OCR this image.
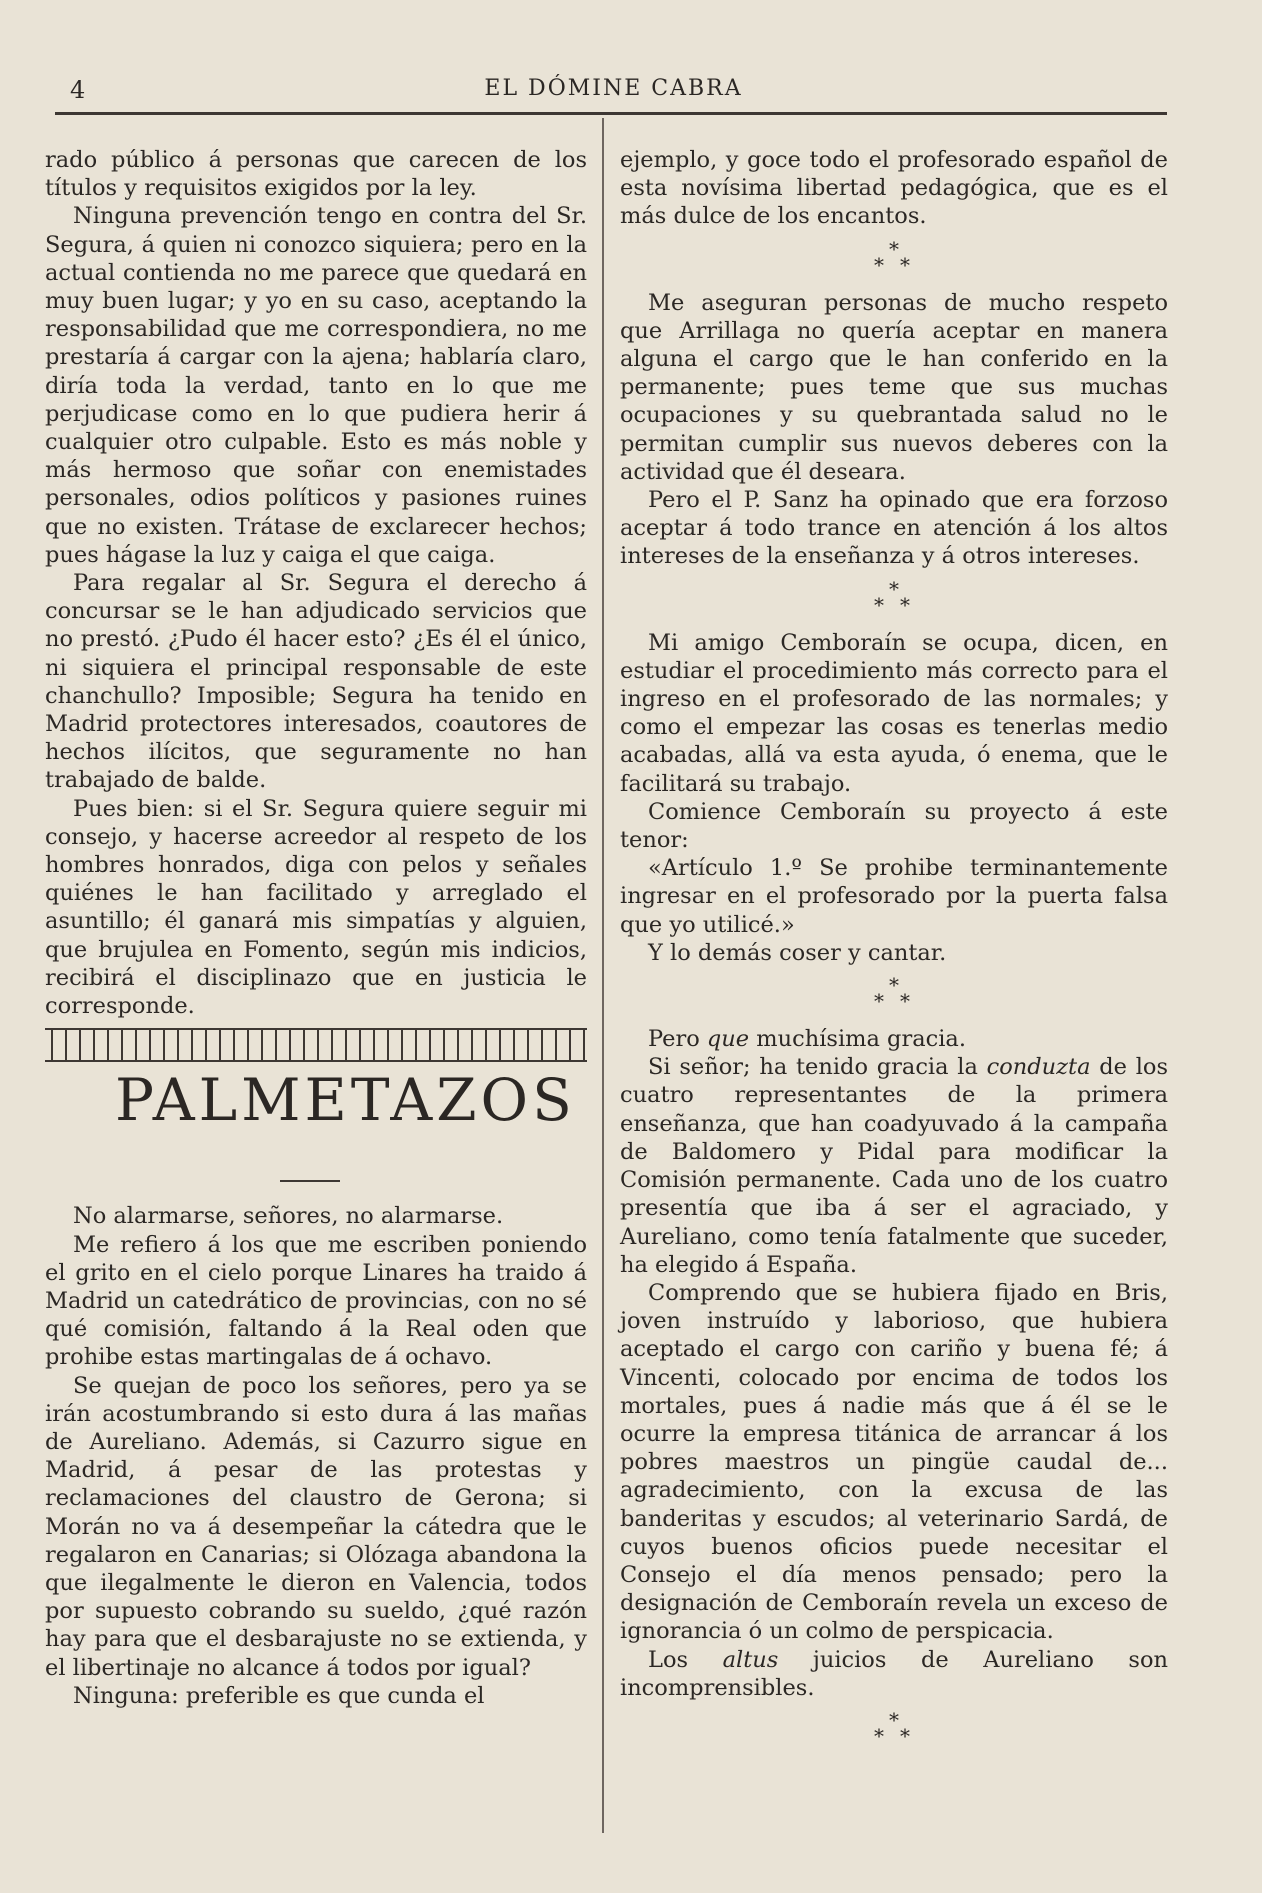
4	EL DÓMINE CABRA

rado público á personas que carecen de los títulos y requisitos exigidos por la ley.

Ninguna prevención tengo en contra del Sr. Segura, á quien ni conozco siquiera; pero en la actual contienda no me parece que quedará en muy buen lugar; y yo en su caso, aceptando la responsabilidad que me correspondiera, no me prestaría á cargar con la ajena; hablaría claro, diría toda la verdad, tanto en lo que me perjudicase como en lo que pudiera herir á cualquier otro culpable. Esto es más noble y más hermoso que soñar con enemistades personales, odios políticos y pasiones ruines que no existen. Trátase de exclarecer hechos; pues hágase la luz y caiga el que caiga.

Para regalar al Sr. Segura el derecho á concursar se le han adjudicado servicios que no prestó. ¿Pudo él hacer esto? ¿Es él el único, ni siquiera el principal responsable de este chanchullo? Imposible; Segura ha tenido en Madrid protectores interesados, coautores de hechos ilícitos, que seguramente no han trabajado de balde.

Pues bien: si el Sr. Segura quiere seguir mi consejo, y hacerse acreedor al respeto de los hombres honrados, diga con pelos y señales quiénes le han facilitado y arreglado el asuntillo; él ganará mis simpatías y alguien, que brujulea en Fomento, según mis indicios, recibirá el disciplinazo que en justicia le corresponde.

PALMETAZOS

No alarmarse, señores, no alarmarse.

Me refiero á los que me escriben poniendo el grito en el cielo porque Linares ha traido á Madrid un catedrático de provincias, con no sé qué comisión, faltando á la Real oden que prohibe estas martingalas de á ochavo.

Se quejan de poco los señores, pero ya se irán acostumbrando si esto dura á las mañas de Aureliano. Además, si Cazurro sigue en Madrid, á pesar de las protestas y reclamaciones del claustro de Gerona; si Morán no va á desempeñar la cátedra que le regalaron en Canarias; si Olózaga abandona la que ilegalmente le dieron en Valencia, todos por supuesto cobrando su sueldo, ¿qué razón hay para que el desbarajuste no se extienda, y el libertinaje no alcance á todos por igual?

Ninguna: preferible es que cunda el

ejemplo, y goce todo el profesorado español de esta novísima libertad pedagógica, que es el más dulce de los encantos.

*
* *

Me aseguran personas de mucho respeto que Arrillaga no quería aceptar en manera alguna el cargo que le han conferido en la permanente; pues teme que sus muchas ocupaciones y su quebrantada salud no le permitan cumplir sus nuevos deberes con la actividad que él deseara.

Pero el P. Sanz ha opinado que era forzoso aceptar á todo trance en atención á los altos intereses de la enseñanza y á otros intereses.

*
* *

Mi amigo Cemboraín se ocupa, dicen, en estudiar el procedimiento más correcto para el ingreso en el profesorado de las normales; y como el empezar las cosas es tenerlas medio acabadas, allá va esta ayuda, ó enema, que le facilitará su trabajo.

Comience Cemboraín su proyecto á este tenor:

«Artículo 1.º Se prohibe terminantemente ingresar en el profesorado por la puerta falsa que yo utilicé.»

Y lo demás coser y cantar.

*
* *

Pero que muchísima gracia.

Si señor; ha tenido gracia la conduzta de los cuatro representantes de la primera enseñanza, que han coadyuvado á la campaña de Baldomero y Pidal para modificar la Comisión permanente. Cada uno de los cuatro presentía que iba á ser el agraciado, y Aureliano, como tenía fatalmente que suceder, ha elegido á España.

Comprendo que se hubiera fijado en Bris, joven instruído y laborioso, que hubiera aceptado el cargo con cariño y buena fé; á Vincenti, colocado por encima de todos los mortales, pues á nadie más que á él se le ocurre la empresa titánica de arrancar á los pobres maestros un pingüe caudal de... agradecimiento, con la excusa de las banderitas y escudos; al veterinario Sardá, de cuyos buenos oficios puede necesitar el Consejo el día menos pensado; pero la designación de Cemboraín revela un exceso de ignorancia ó un colmo de perspicacia.

Los altus juicios de Aureliano son incomprensibles.

*
* *
